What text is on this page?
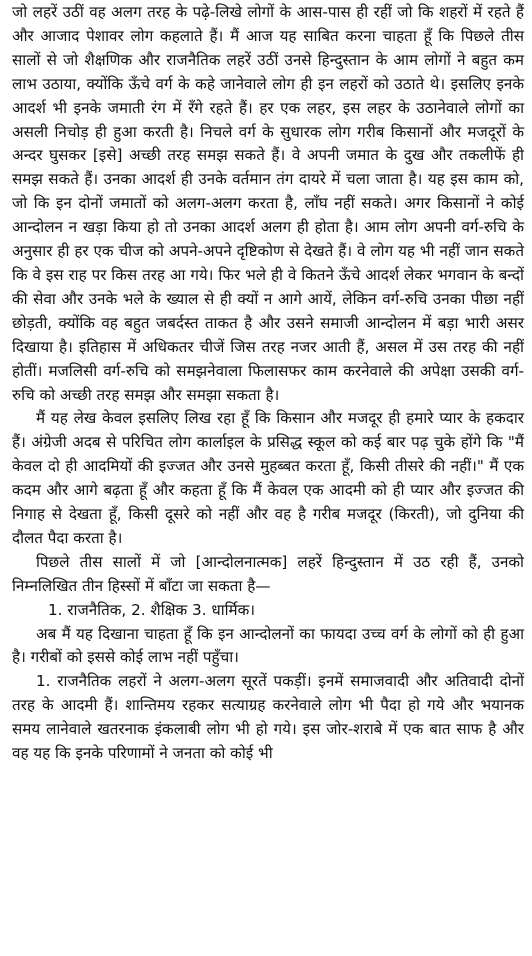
जो लहरें उठीं वह अलग तरह के पढ़े-लिखे लोगों के आस-पास ही रहीं जो कि शहरों में रहते हैं और आजाद पेशावर लोग कहलाते हैं। मैं आज यह साबित करना चाहता हूँ कि पिछले तीस सालों से जो शैक्षणिक और राजनैतिक लहरें उठीं उनसे हिन्दुस्तान के आम लोगों ने बहुत कम लाभ उठाया, क्योंकि ऊँचे वर्ग के कहे जानेवाले लोग ही इन लहरों को उठाते थे। इसलिए इनके आदर्श भी इनके जमाती रंग में रँगे रहते हैं। हर एक लहर, इस लहर के उठानेवाले लोगों का असली निचोड़ ही हुआ करती है। निचले वर्ग के सुधारक लोग गरीब किसानों और मजदूरों के अन्दर घुसकर [इसे] अच्छी तरह समझ सकते हैं। वे अपनी जमात के दुख और तकलीफें ही समझ सकते हैं। उनका आदर्श ही उनके वर्तमान तंग दायरे में चला जाता है। यह इस काम को, जो कि इन दोनों जमातों को अलग-अलग करता है, लाँघ नहीं सकते। अगर किसानों ने कोई आन्दोलन न खड़ा किया हो तो उनका आदर्श अलग ही होता है। आम लोग अपनी वर्ग-रुचि के अनुसार ही हर एक चीज को अपने-अपने दृष्टिकोण से देखते हैं। वे लोग यह भी नहीं जान सकते कि वे इस राह पर किस तरह आ गये। फिर भले ही वे कितने ऊँचे आदर्श लेकर भगवान के बन्दों की सेवा और उनके भले के ख्याल से ही क्यों न आगे आयें, लेकिन वर्ग-रुचि उनका पीछा नहीं छोड़ती, क्योंकि वह बहुत जबर्दस्त ताकत है और उसने समाजी आन्दोलन में बड़ा भारी असर दिखाया है। इतिहास में अधिकतर चीजें जिस तरह नजर आती हैं, असल में उस तरह की नहीं होतीं। मजलिसी वर्ग-रुचि को समझनेवाला फिलासफर काम करनेवाले की अपेक्षा उसकी वर्ग-रुचि को अच्छी तरह समझ और समझा सकता है।

मैं यह लेख केवल इसलिए लिख रहा हूँ कि किसान और मजदूर ही हमारे प्यार के हकदार हैं। अंग्रेजी अदब से परिचित लोग कार्लाइल के प्रसिद्ध स्कूल को कई बार पढ़ चुके होंगे कि "मैं केवल दो ही आदमियों की इज्जत और उनसे मुहब्बत करता हूँ, किसी तीसरे की नहीं।" मैं एक कदम और आगे बढ़ता हूँ और कहता हूँ कि मैं केवल एक आदमी को ही प्यार और इज्जत की निगाह से देखता हूँ, किसी दूसरे को नहीं और वह है गरीब मजदूर (किरती), जो दुनिया की दौलत पैदा करता है।

पिछले तीस सालों में जो [आन्दोलनात्मक] लहरें हिन्दुस्तान में उठ रही हैं, उनको निम्नलिखित तीन हिस्सों में बाँटा जा सकता है—

1. राजनैतिक, 2. शैक्षिक 3. धार्मिक।

अब मैं यह दिखाना चाहता हूँ कि इन आन्दोलनों का फायदा उच्च वर्ग के लोगों को ही हुआ है। गरीबों को इससे कोई लाभ नहीं पहुँचा।

1. राजनैतिक लहरों ने अलग-अलग सूरतें पकड़ीं। इनमें समाजवादी और अतिवादी दोनों तरह के आदमी हैं। शान्तिमय रहकर सत्याग्रह करनेवाले लोग भी पैदा हो गये और भयानक समय लानेवाले खतरनाक इंकलाबी लोग भी हो गये। इस जोर-शराबे में एक बात साफ है और वह यह कि इनके परिणामों ने जनता को कोई भी
